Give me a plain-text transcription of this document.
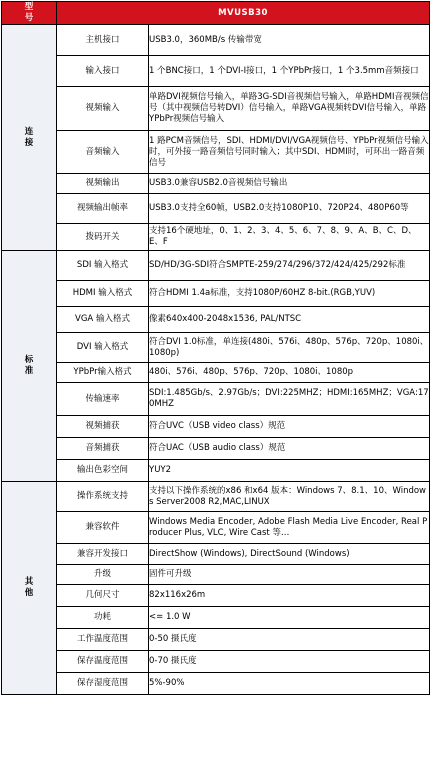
型
号	MVUSB30	

连
接	主机接口	USB3.0，360MB/s 传输带宽
	输入接口	1 个BNC接口，1 个DVI-I接口，1 个YPbPr接口，1 个3.5mm音频接口
	视频输入	单路DVI视频信号输入，单路3G-SDI音视频信号输入，单路HDMI音视频信号（其中视频信号转DVI）信号输入，单路VGA视频转DVI信号输入，单路YPbPr视频信号输入
	音频输入	1 路PCM音频信号，SDI、HDMI/DVI/VGA视频信号、YPbPr视频信号输入时，可外接一路音频信号同时输入；其中SDI、HDMI时，可环出一路音频信号
	视频输出	USB3.0兼容USB2.0音视频信号输出
	视频输出帧率	USB3.0支持全60帧，USB2.0支持1080P10、720P24、480P60等
	拨码开关	支持16个硬地址，0、1、2、3、4、5、6、7、8、9、A、B、C、D、E、F

标
准	SDI 输入格式	SD/HD/3G-SDI符合SMPTE-259/274/296/372/424/425/292标准
	HDMI 输入格式	符合HDMI 1.4a标准，支持1080P/60HZ 8-bit.(RGB,YUV)
	VGA 输入格式	像素640x400-2048x1536, PAL/NTSC
	DVI 输入格式	符合DVI 1.0标准，单连接(480i、576i、480p、576p、720p、1080i、1080p)
	YPbPr输入格式	480i、576i、480p、576p、720p、1080i、1080p
	传输速率	SDI:1.485Gb/s、2.97Gb/s；DVI:225MHZ；HDMI:165MHZ；VGA:170MHZ
	视频捕获	符合UVC（USB video class）规范
	音频捕获	符合UAC（USB audio class）规范
	输出色彩空间	YUY2

其
他	操作系统支持	支持以下操作系统的x86 和x64 版本：Windows 7、8.1、10、Windows Server2008 R2,MAC,LINUX
	兼容软件	Windows Media Encoder, Adobe Flash Media Live Encoder, Real Producer Plus, VLC, Wire Cast 等…
	兼容开发接口	DirectShow (Windows), DirectSound (Windows)
	升级	固件可升级
	几何尺寸	82x116x26m
	功耗	<= 1.0 W
	工作温度范围	0-50 摄氏度
	保存温度范围	0-70 摄氏度
	保存湿度范围	5%-90%
